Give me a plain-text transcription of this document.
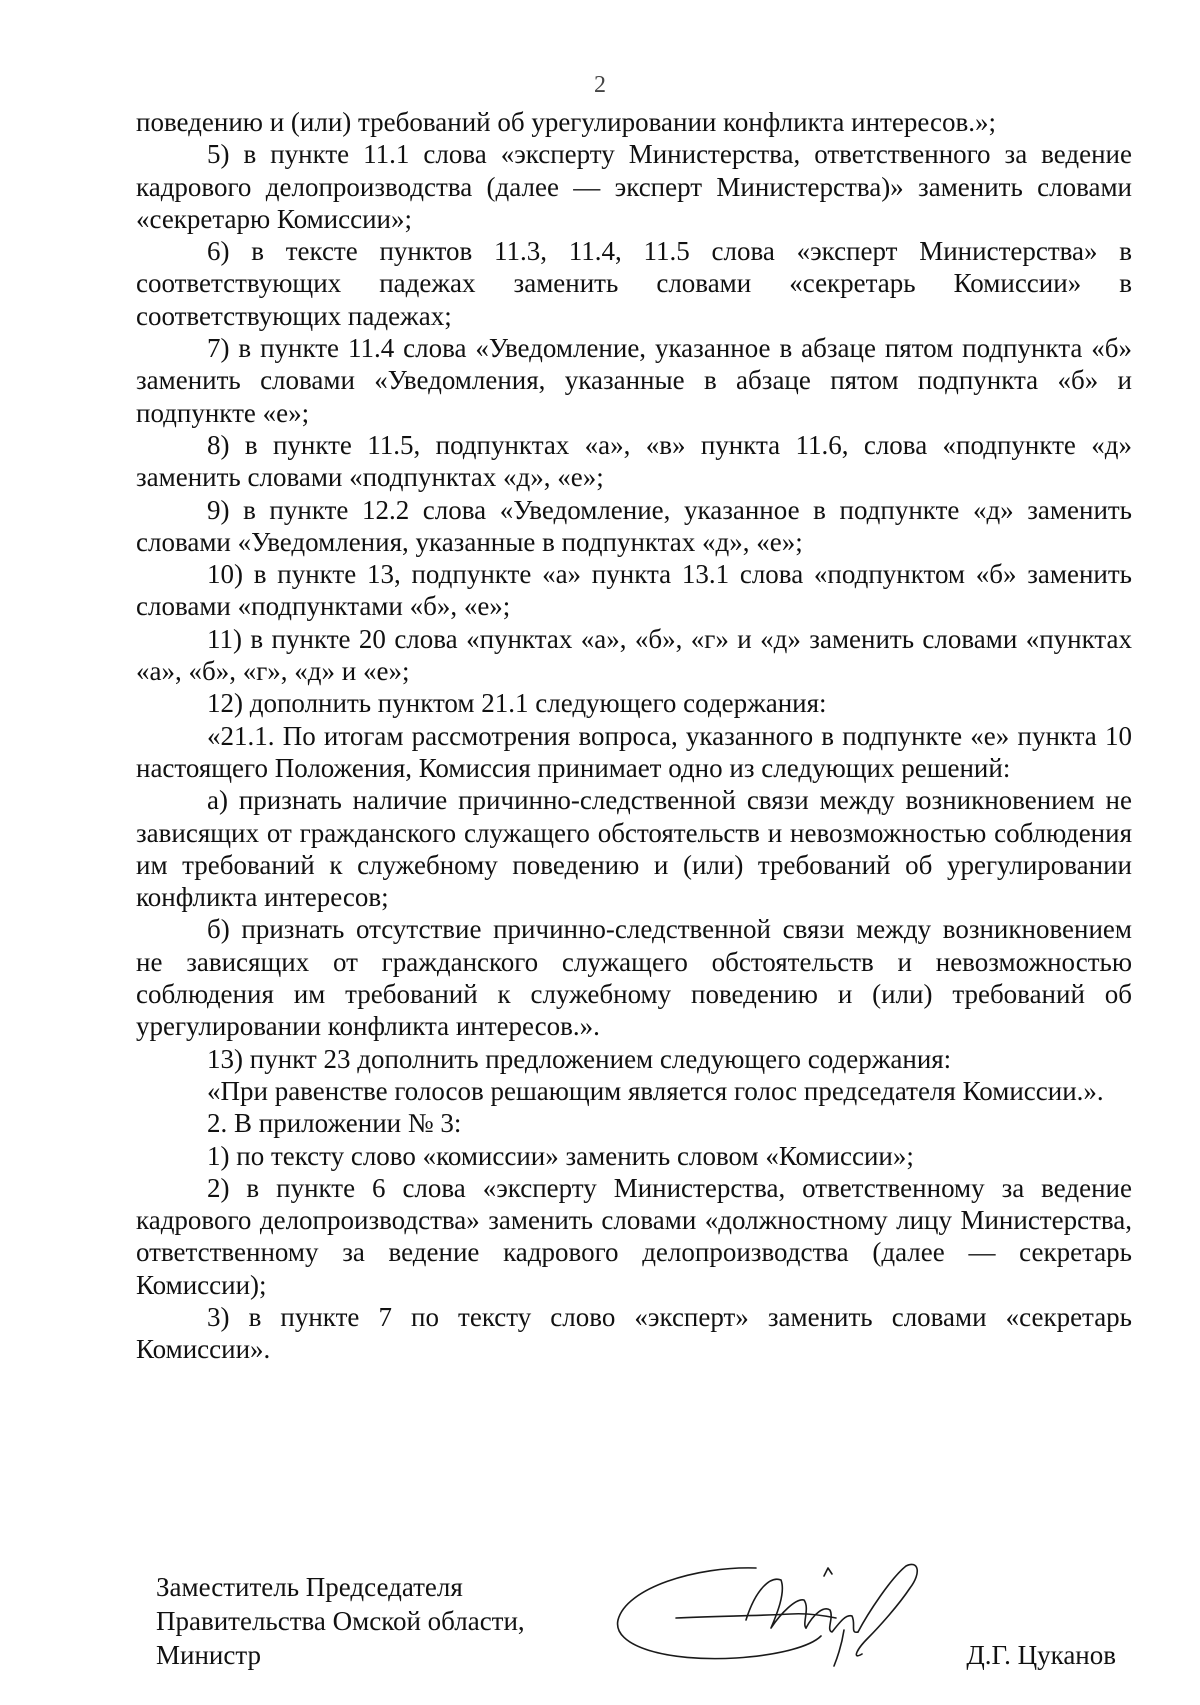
2

поведению и (или) требований об урегулировании конфликта интересов.»;

5) в пункте 11.1 слова «эксперту Министерства, ответственного за ведение кадрового делопроизводства (далее — эксперт Министерства)» заменить словами «секретарю Комиссии»;

6) в тексте пунктов 11.3, 11.4, 11.5 слова «эксперт Министерства» в соответствующих падежах заменить словами «секретарь Комиссии» в соответствующих падежах;

7) в пункте 11.4 слова «Уведомление, указанное в абзаце пятом подпункта «б» заменить словами «Уведомления, указанные в абзаце пятом подпункта «б» и подпункте «е»;

8) в пункте 11.5, подпунктах «а», «в» пункта 11.6, слова «подпункте «д» заменить словами «подпунктах «д», «е»;

9) в пункте 12.2 слова «Уведомление, указанное в подпункте «д» заменить словами «Уведомления, указанные в подпунктах «д», «е»;

10) в пункте 13, подпункте «а» пункта 13.1 слова «подпунктом «б» заменить словами «подпунктами «б», «е»;

11) в пункте 20 слова «пунктах «а», «б», «г» и «д» заменить словами «пунктах «а», «б», «г», «д» и «е»;

12) дополнить пунктом 21.1 следующего содержания:

«21.1. По итогам рассмотрения вопроса, указанного в подпункте «е» пункта 10 настоящего Положения, Комиссия принимает одно из следующих решений:

а) признать наличие причинно-следственной связи между возникновением не зависящих от гражданского служащего обстоятельств и невозможностью соблюдения им требований к служебному поведению и (или) требований об урегулировании конфликта интересов;

б) признать отсутствие причинно-следственной связи между возникновением не зависящих от гражданского служащего обстоятельств и невозможностью соблюдения им требований к служебному поведению и (или) требований об урегулировании конфликта интересов.».

13) пункт 23 дополнить предложением следующего содержания:

«При равенстве голосов решающим является голос председателя Комиссии.».

2. В приложении № 3:

1) по тексту слово «комиссии» заменить словом «Комиссии»;

2) в пункте 6 слова «эксперту Министерства, ответственному за ведение кадрового делопроизводства» заменить словами «должностному лицу Министерства, ответственному за ведение кадрового делопроизводства (далее — секретарь Комиссии);

3) в пункте 7 по тексту слово «эксперт» заменить словами «секретарь Комиссии».

Заместитель Председателя
Правительства Омской области,
Министр	Д.Г. Цуканов
